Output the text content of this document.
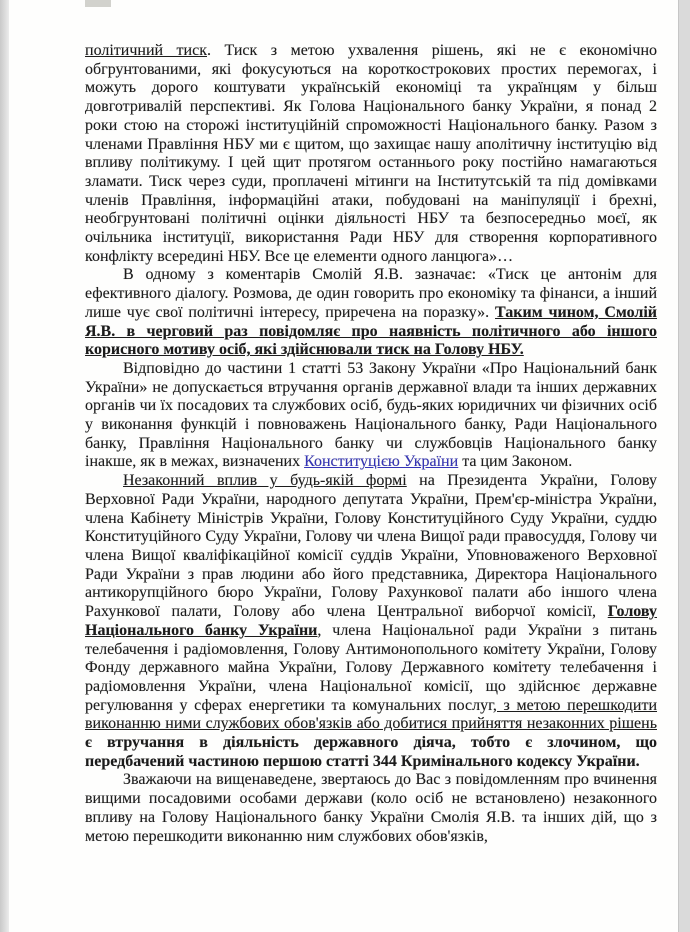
політичний тиск. Тиск з метою ухвалення рішень, які не є економічно обгрунтованими, які фокусуються на короткострокових простих перемогах, і можуть дорого коштувати українській економіці та українцям у більш довготривалій перспективі. Як Голова Національного банку України, я понад 2 роки стою на сторожі інституційній спроможності Національного банку. Разом з членами Правління НБУ ми є щитом, що захищає нашу аполітичну інституцію від впливу політикуму. І цей щит протягом останнього року постійно намагаються зламати. Тиск через суди, проплачені мітинги на Інститутській та під домівками членів Правління, інформаційні атаки, побудовані на маніпуляції і брехні, необгрунтовані політичні оцінки діяльності НБУ та безпосередньо моєї, як очільника інституції, використання Ради НБУ для створення корпоративного конфлікту всередині НБУ. Все це елементи одного ланцюга»…

В одному з коментарів Смолій Я.В. зазначає: «Тиск це антонім для ефективного діалогу. Розмова, де один говорить про економіку та фінанси, а інший лише чує свої політичні інтересу, приречена на поразку». Таким чином, Смолій Я.В. в черговий раз повідомляє про наявність політичного або іншого корисного мотиву осіб, які здійснювали тиск на Голову НБУ.

Відповідно до частини 1 статті 53 Закону України «Про Національний банк України» не допускається втручання органів державної влади та інших державних органів чи їх посадових та службових осіб, будь-яких юридичних чи фізичних осіб у виконання функцій і повноважень Національного банку, Ради Національного банку, Правління Національного банку чи службовців Національного банку інакше, як в межах, визначених Конституцією України та цим Законом.

Незаконний вплив у будь-якій формі на Президента України, Голову Верховної Ради України, народного депутата України, Прем'єр-міністра України, члена Кабінету Міністрів України, Голову Конституційного Суду України, суддю Конституційного Суду України, Голову чи члена Вищої ради правосуддя, Голову чи члена Вищої кваліфікаційної комісії суддів України, Уповноваженого Верховної Ради України з прав людини або його представника, Директора Національного антикорупційного бюро України, Голову Рахункової палати або іншого члена Рахункової палати, Голову або члена Центральної виборчої комісії, Голову Національного банку України, члена Національної ради України з питань телебачення і радіомовлення, Голову Антимонопольного комітету України, Голову Фонду державного майна України, Голову Державного комітету телебачення і радіомовлення України, члена Національної комісії, що здійснює державне регулювання у сферах енергетики та комунальних послуг, з метою перешкодити виконанню ними службових обов'язків або добитися прийняття незаконних рішень є втручання в діяльність державного діяча, тобто є злочином, що передбачений частиною першою статті 344 Кримінального кодексу України.

Зважаючи на вищенаведене, звертаюсь до Вас з повідомленням про вчинення вищими посадовими особами держави (коло осіб не встановлено) незаконного впливу на Голову Національного банку України Смолія Я.В. та інших дій, що з метою перешкодити виконанню ним службових обов'язків,
